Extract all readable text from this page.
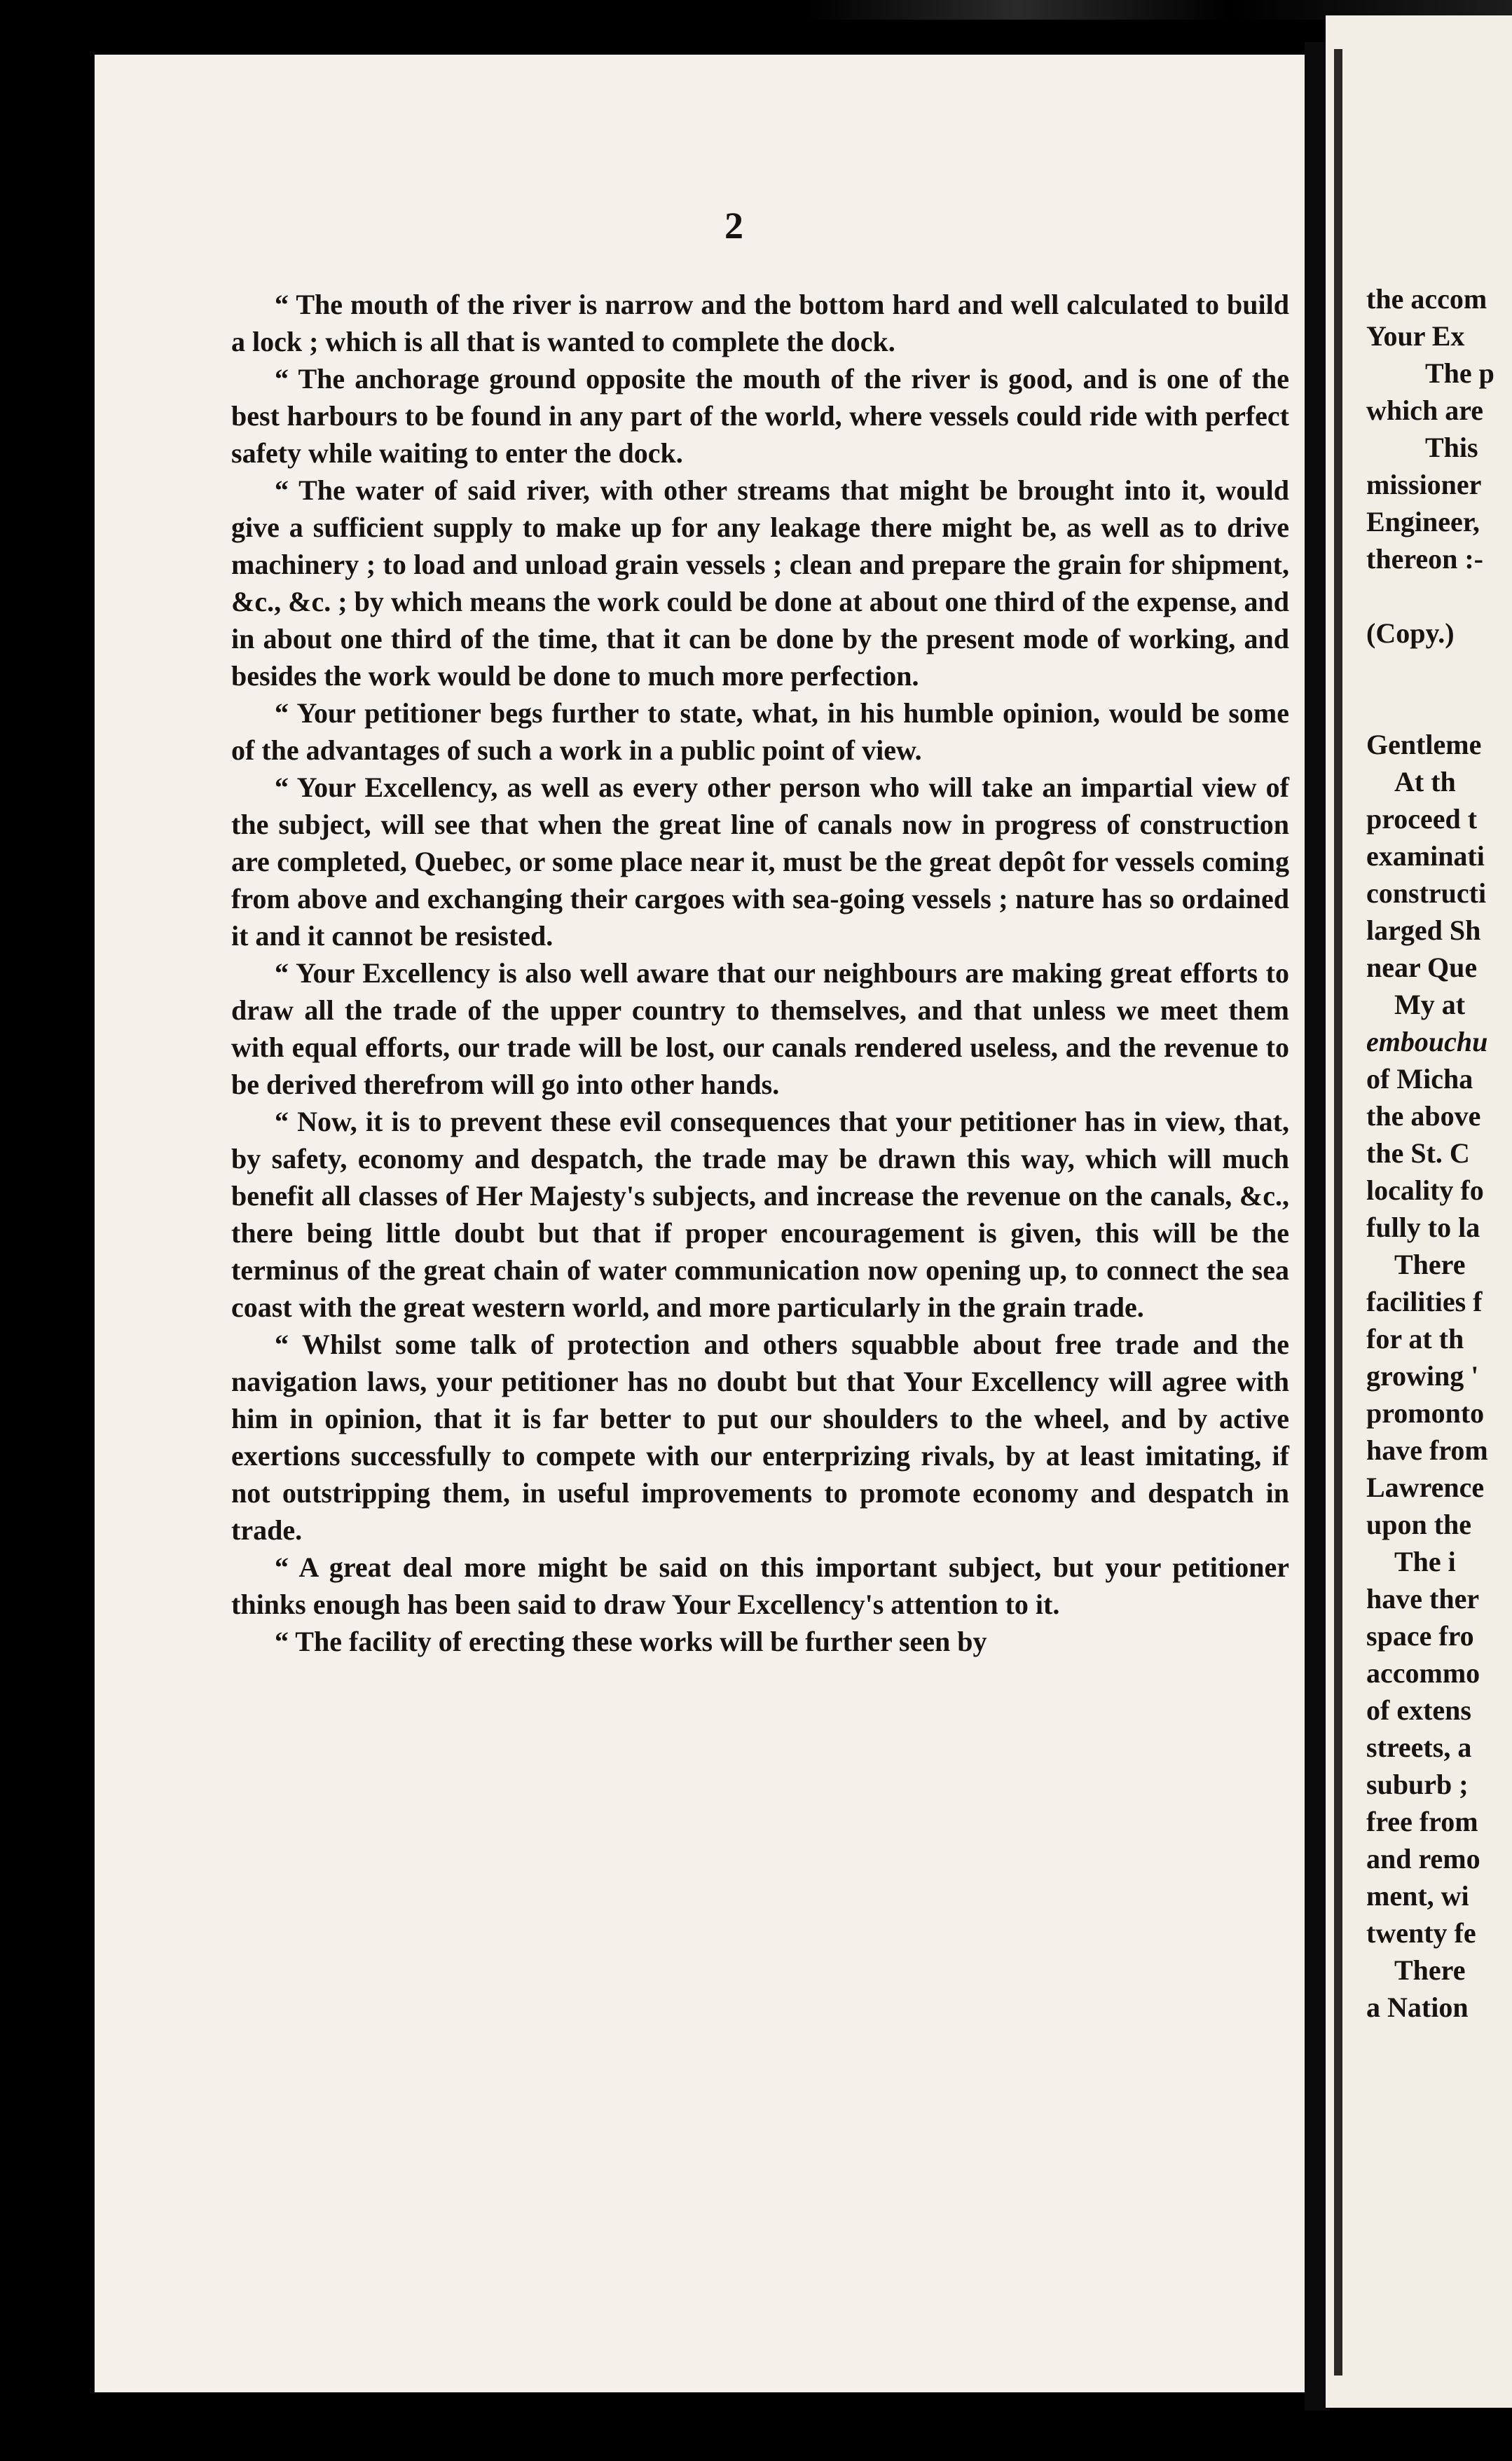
2

“ The mouth of the river is narrow and the bottom hard and well calculated to build a lock ; which is all that is wanted to complete the dock.

“ The anchorage ground opposite the mouth of the river is good, and is one of the best harbours to be found in any part of the world, where vessels could ride with perfect safety while waiting to enter the dock.

“ The water of said river, with other streams that might be brought into it, would give a sufficient supply to make up for any leakage there might be, as well as to drive machinery ; to load and unload grain vessels ; clean and prepare the grain for shipment, &c., &c. ; by which means the work could be done at about one third of the expense, and in about one third of the time, that it can be done by the present mode of working, and besides the work would be done to much more perfection.

“ Your petitioner begs further to state, what, in his humble opinion, would be some of the advantages of such a work in a public point of view.

“ Your Excellency, as well as every other person who will take an impartial view of the subject, will see that when the great line of canals now in progress of construction are completed, Quebec, or some place near it, must be the great depôt for vessels coming from above and exchanging their cargoes with sea-going vessels ; nature has so ordained it and it cannot be resisted.

“ Your Excellency is also well aware that our neighbours are making great efforts to draw all the trade of the upper country to themselves, and that unless we meet them with equal efforts, our trade will be lost, our canals rendered useless, and the revenue to be derived therefrom will go into other hands.

“ Now, it is to prevent these evil consequences that your petitioner has in view, that, by safety, economy and despatch, the trade may be drawn this way, which will much benefit all classes of Her Majesty's subjects, and increase the revenue on the canals, &c., there being little doubt but that if proper encouragement is given, this will be the terminus of the great chain of water communication now opening up, to connect the sea coast with the great western world, and more particularly in the grain trade.

“ Whilst some talk of protection and others squabble about free trade and the navigation laws, your petitioner has no doubt but that Your Excellency will agree with him in opinion, that it is far better to put our shoulders to the wheel, and by active exertions successfully to compete with our enterprizing rivals, by at least imitating, if not outstripping them, in useful improvements to promote economy and despatch in trade.

“ A great deal more might be said on this important subject, but your petitioner thinks enough has been said to draw Your Excellency's attention to it.

“ The facility of erecting these works will be further seen by

the accom
Your Ex
The p
which are
This
missioner
Engineer,
thereon :-
(Copy.)
Gentleme
At th
proceed t
examinati
constructi
larged Sh
near Que
My at
embouchu
of Micha
the above
the St. C
locality fo
fully to la
There
facilities f
for at th
growing '
promonto
have from
Lawrence
upon the
The i
have ther
space fro
accommo
of extens
streets, a
suburb ;
free from
and remo
ment, wi
twenty fe
There
a Nation
